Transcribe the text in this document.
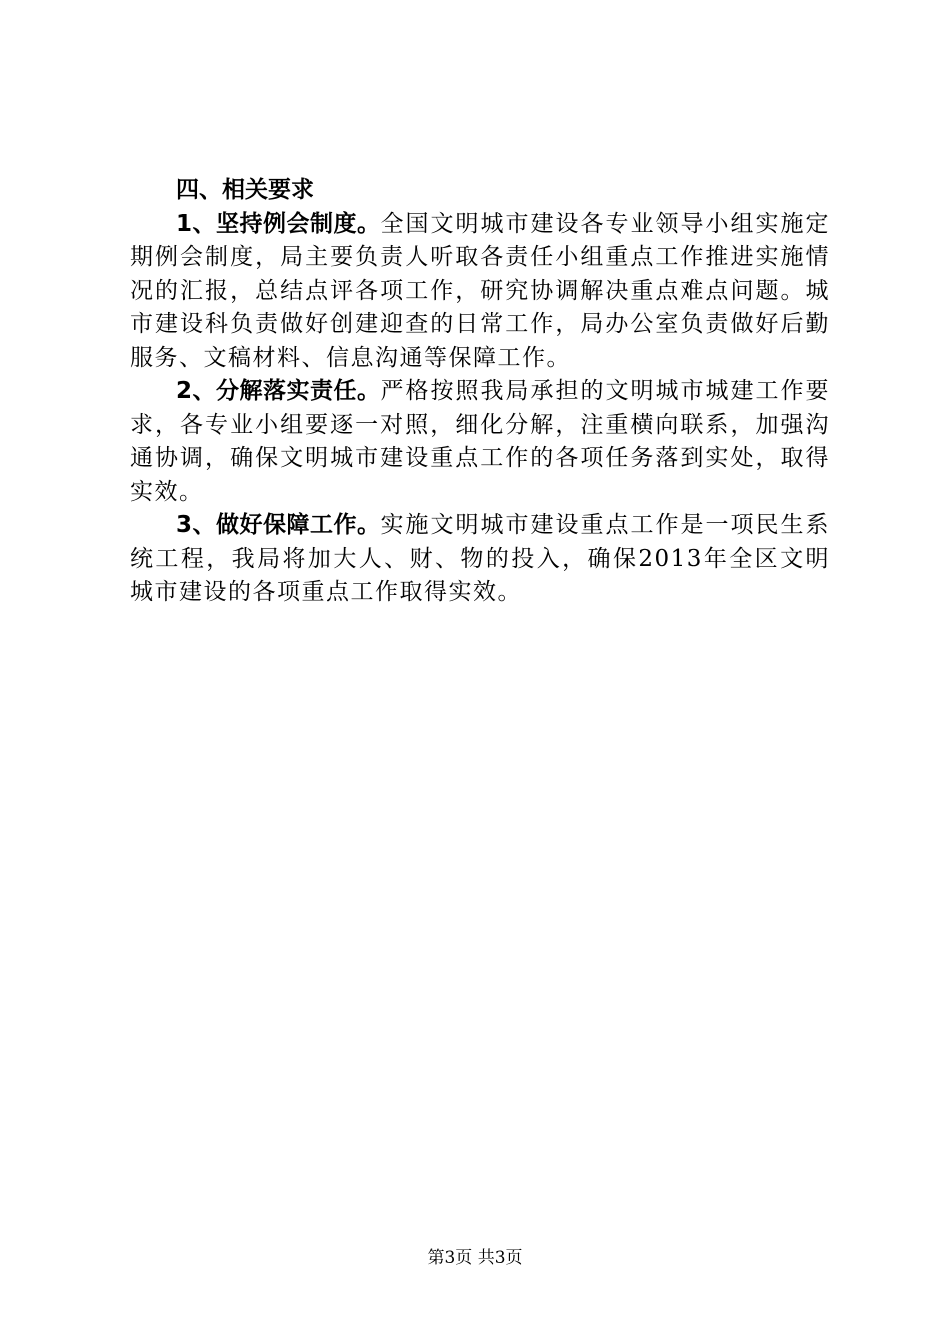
四、相关要求

1、坚持例会制度。全国文明城市建设各专业领导小组实施定期例会制度，局主要负责人听取各责任小组重点工作推进实施情况的汇报，总结点评各项工作，研究协调解决重点难点问题。城市建设科负责做好创建迎查的日常工作，局办公室负责做好后勤服务、文稿材料、信息沟通等保障工作。

2、分解落实责任。严格按照我局承担的文明城市城建工作要求，各专业小组要逐一对照，细化分解，注重横向联系，加强沟通协调，确保文明城市建设重点工作的各项任务落到实处，取得实效。

3、做好保障工作。实施文明城市建设重点工作是一项民生系统工程，我局将加大人、财、物的投入，确保2013年全区文明城市建设的各项重点工作取得实效。

第3页 共3页
